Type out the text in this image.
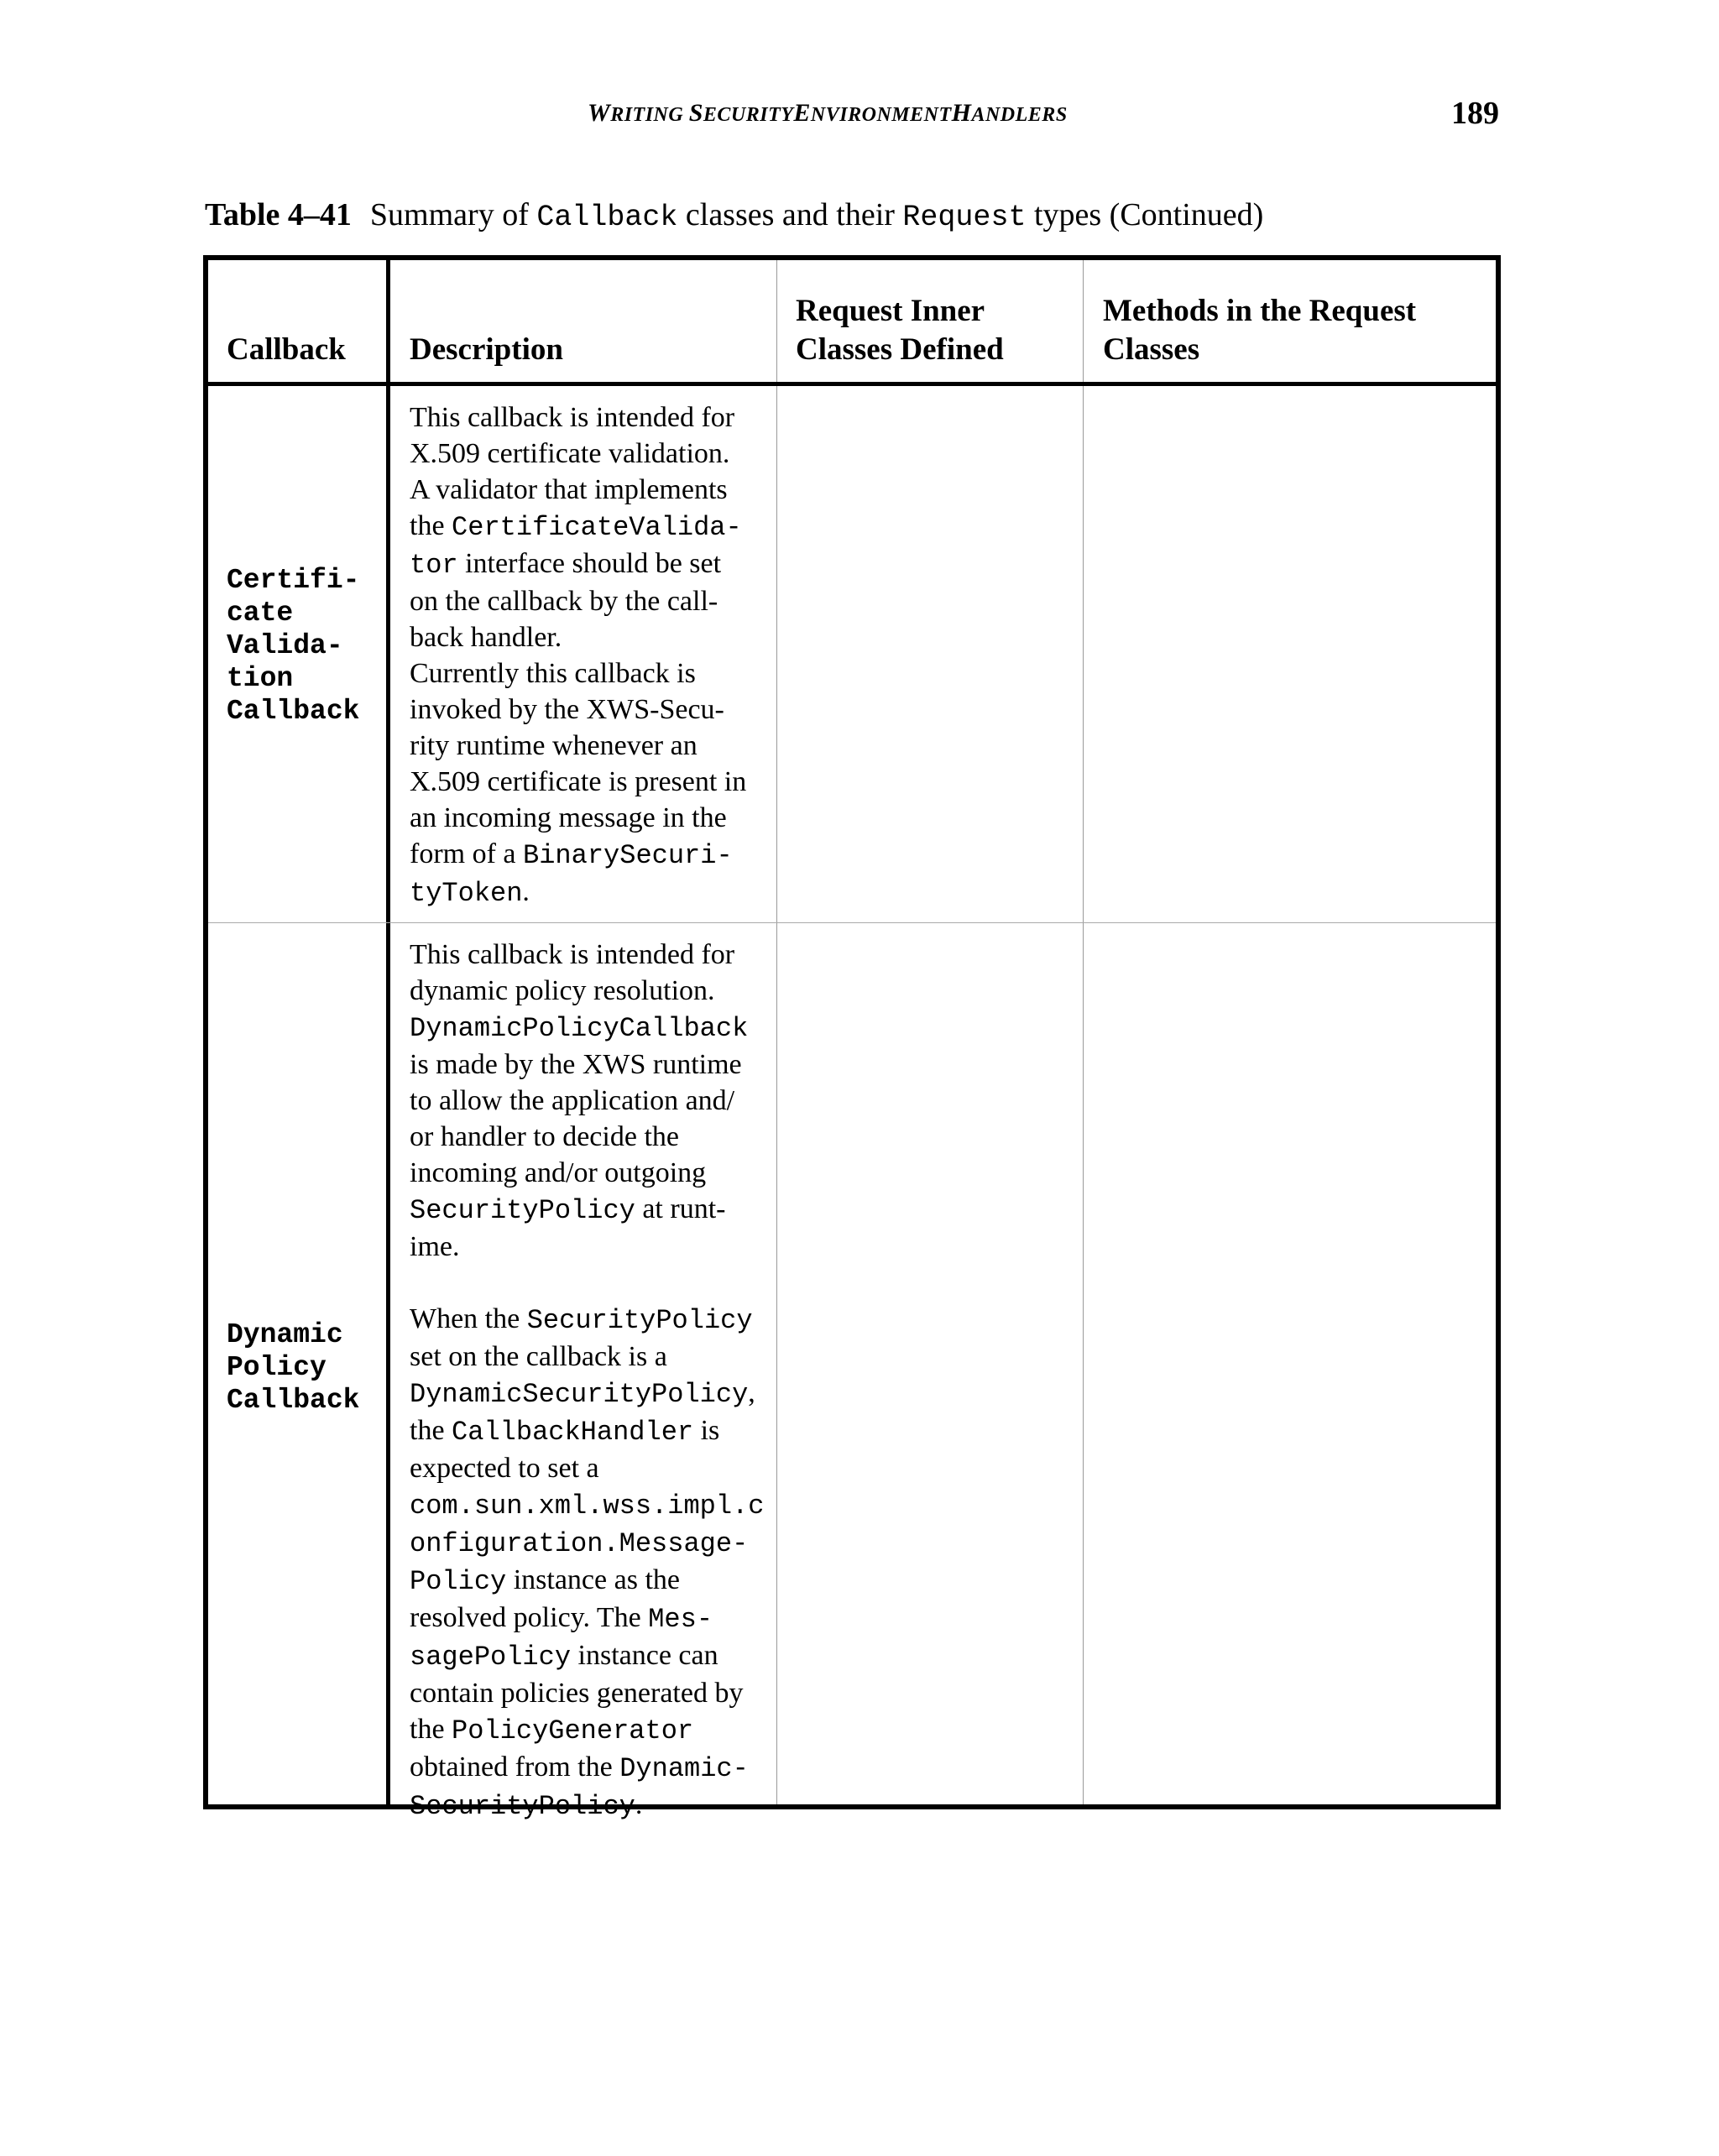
WRITING SECURITYENVIRONMENTHANDLERS	189
Table 4–41 Summary of Callback classes and their Request types (Continued)
Callback	Description
Request Inner Classes Defined
Methods in the Request Classes
Certifi-
cate
Valida-
tion
Callback
This callback is intended for
X.509 certificate validation.
A validator that implements
the CertificateValida-
tor interface should be set
on the callback by the call-
back handler.
Currently this callback is
invoked by the XWS-Secu-
rity runtime whenever an
X.509 certificate is present in
an incoming message in the
form of a BinarySecuri-
tyToken.
Dynamic
Policy
Callback
This callback is intended for
dynamic policy resolution.
DynamicPolicyCallback
is made by the XWS runtime
to allow the application and/
or handler to decide the
incoming and/or outgoing
SecurityPolicy at runt-
ime.
When the SecurityPolicy
set on the callback is a
DynamicSecurityPolicy,
the CallbackHandler is
expected to set a
com.sun.xml.wss.impl.c
onfiguration.Message-
Policy instance as the
resolved policy. The Mes-
sagePolicy instance can
contain policies generated by
the PolicyGenerator
obtained from the Dynamic-
SecurityPolicy.
